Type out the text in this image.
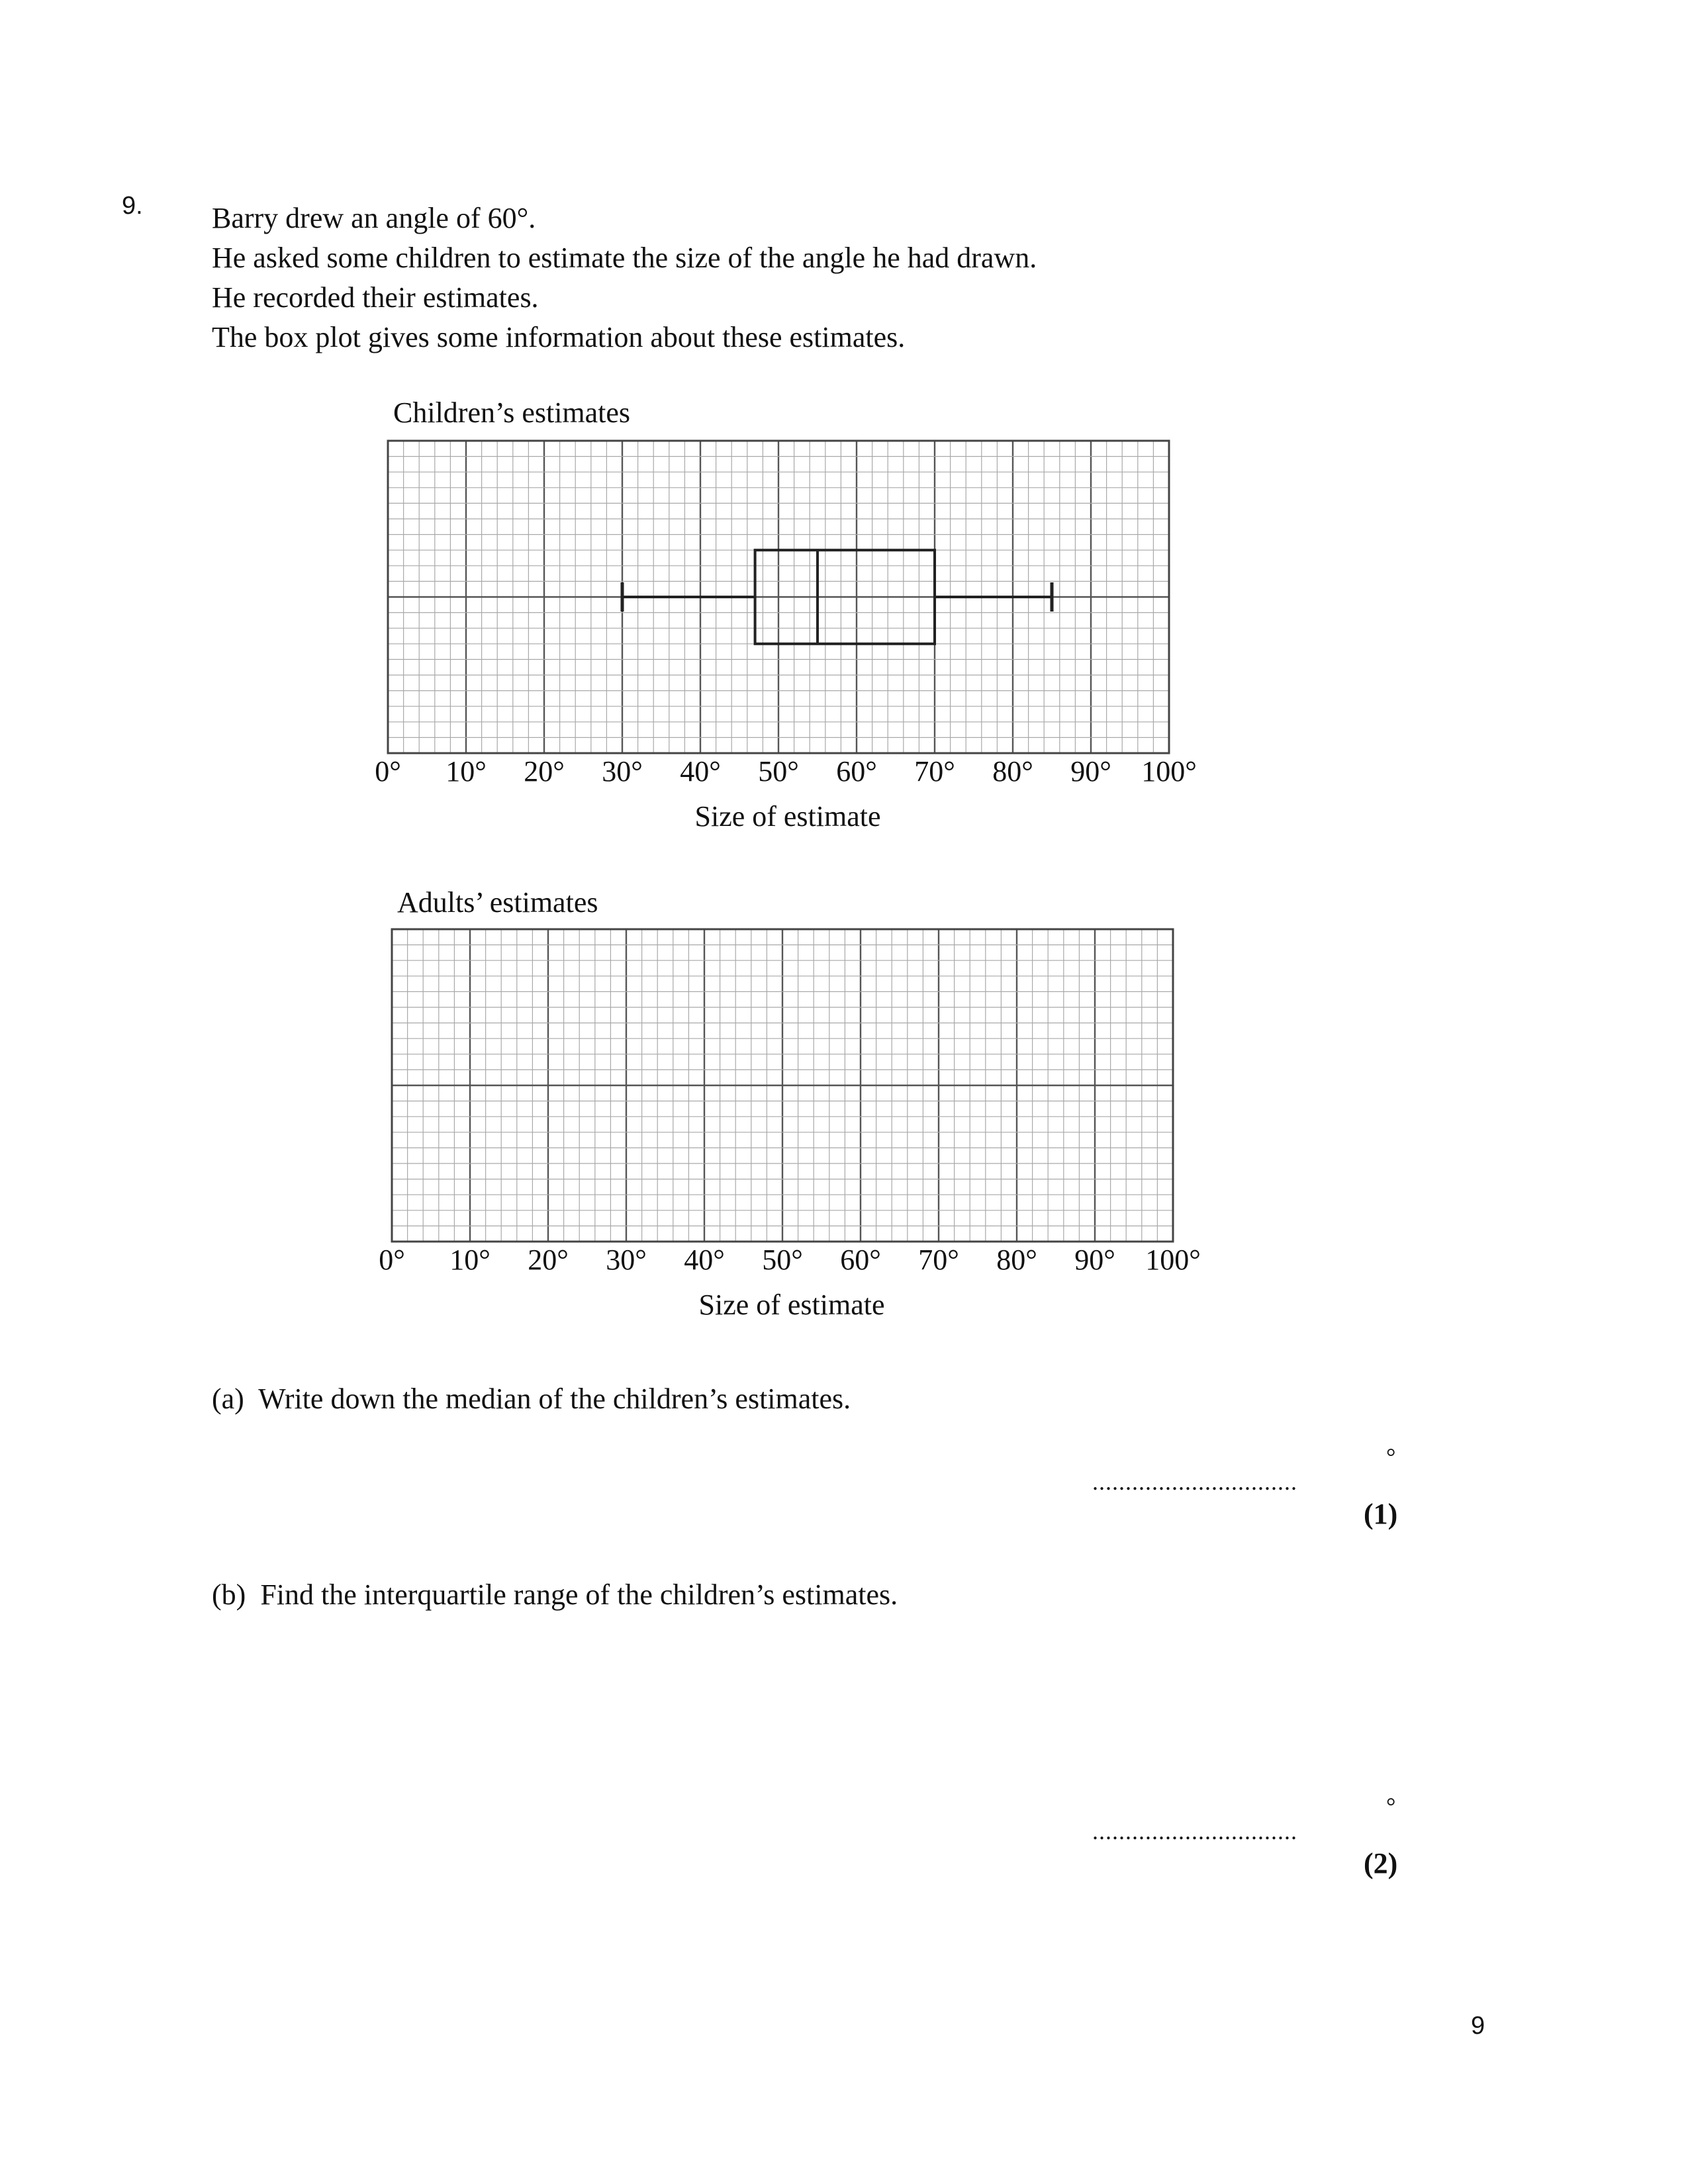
9. Barry drew an angle of 60°.
He asked some children to estimate the size of the angle he had drawn.
He recorded their estimates.
The box plot gives some information about these estimates.
Children’s estimates
0° 10° 20° 30° 40° 50° 60° 70° 80° 90° 100°
Size of estimate
Adults’ estimates
0° 10° 20° 30° 40° 50° 60° 70° 80° 90° 100°
Size of estimate
(a) Write down the median of the children’s estimates.
...............................
°
(1)
(b) Find the interquartile range of the children’s estimates.
...............................
°
(2)
9
